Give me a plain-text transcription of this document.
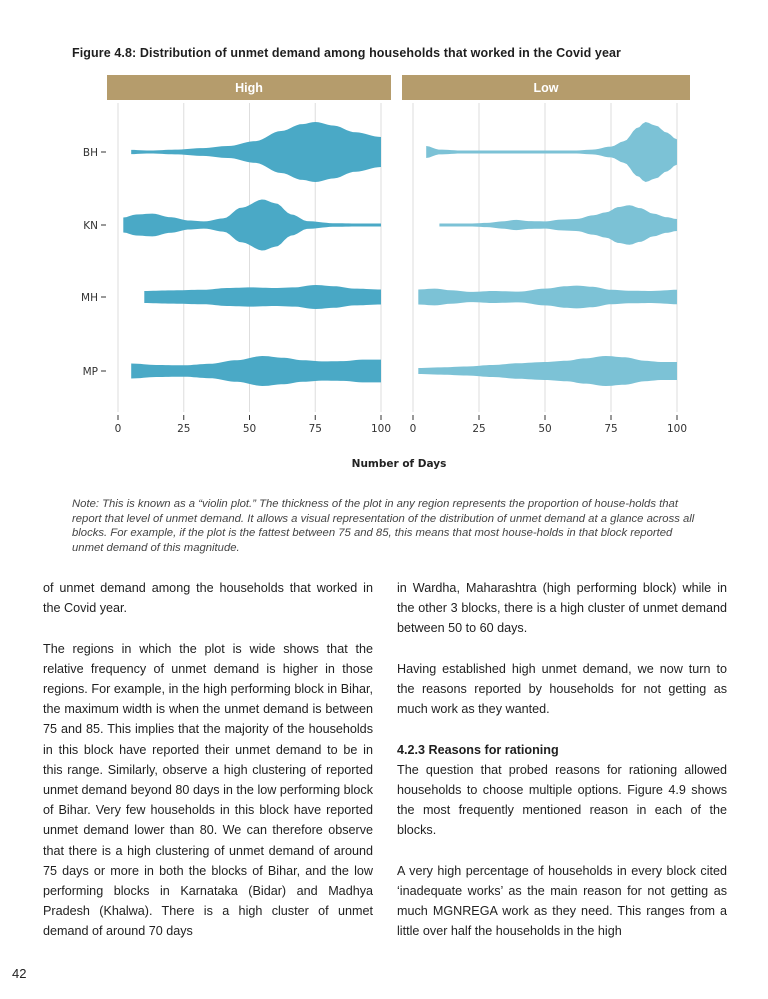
Figure 4.8: Distribution of unmet demand among households that worked in the Covid year
High
0	25	50	75	100
Low
0	25	50	75	100
BH
KN
MH
MP
Number of Days
Note: This is known as a “violin plot.” The thickness of the plot in any region represents the proportion of house-holds that report that level of unmet demand. It allows a visual representation of the distribution of unmet demand at a glance across all blocks. For example, if the plot is the fattest between 75 and 85, this means that most house-holds in that block reported unmet demand of this magnitude.

of unmet demand among the households that worked in the Covid year.

The regions in which the plot is wide shows that the relative frequency of unmet demand is higher in those regions. For example, in the high performing block in Bihar, the maximum width is when the unmet demand is between 75 and 85. This implies that the majority of the households in this block have reported their unmet demand to be in this range. Similarly, observe a high clustering of reported unmet demand beyond 80 days in the low performing block of Bihar. Very few households in this block have reported unmet demand lower than 80. We can therefore observe that there is a high clustering of unmet demand of around 75 days or more in both the blocks of Bihar, and the low performing blocks in Karnataka (Bidar) and Madhya Pradesh (Khalwa). There is a high cluster of unmet demand of around 70 days

in Wardha, Maharashtra (high performing block) while in the other 3 blocks, there is a high cluster of unmet demand between 50 to 60 days.

Having established high unmet demand, we now turn to the reasons reported by households for not getting as much work as they wanted.

4.2.3 Reasons for rationing

The question that probed reasons for rationing allowed households to choose multiple options. Figure 4.9 shows the most frequently mentioned reason in each of the blocks.

A very high percentage of households in every block cited ‘inadequate works’ as the main reason for not getting as much MGNREGA work as they need. This ranges from a little over half the households in the high

42
